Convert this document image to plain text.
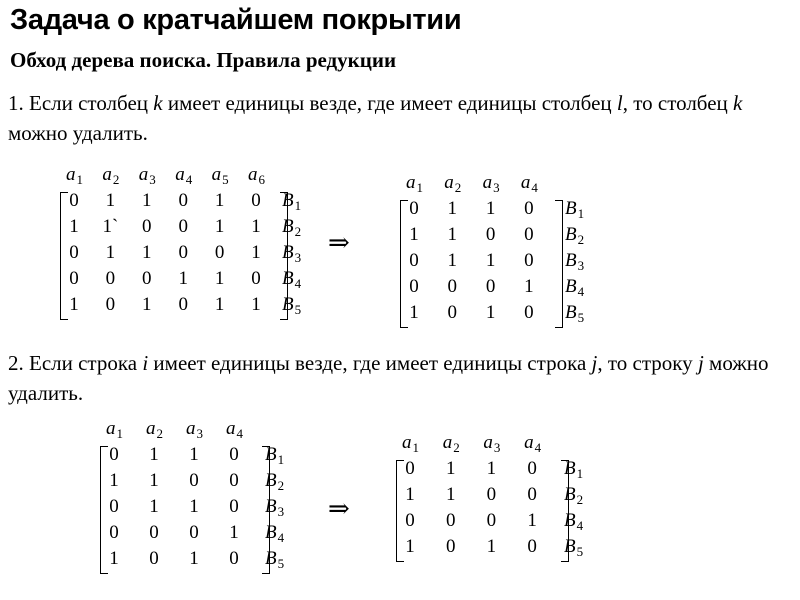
Задача о кратчайшем покрытии
Обход дерева поиска. Правила редукции
1. Если столбец k имеет единицы везде, где имеет единицы столбец l, то столбец k можно удалить.
2. Если строка i имеет единицы везде, где имеет единицы строка j, то строку j можно удалить.
$a_1$ $a_2$ $a_3$ $a_4$ $a_5$ $a_6$
0 1 1 0 1 0 $B_1$
1 1` 0 0 1 1 $B_2$
0 1 1 0 0 1 $B_3$
0 0 0 1 1 0 $B_4$
1 0 1 0 1 1 $B_5$
$a_1$ $a_2$ $a_3$ $a_4$
0 1 1 0 $B_1$
1 1 0 0 $B_2$
0 1 1 0 $B_3$
0 0 0 1 $B_4$
1 0 1 0 $B_5$
$a_1$ $a_2$ $a_3$ $a_4$
0 1 1 0 $B_1$
1 1 0 0 $B_2$
0 1 1 0 $B_3$
0 0 0 1 $B_4$
1 0 1 0 $B_5$
$a_1$ $a_2$ $a_3$ $a_4$
0 1 1 0 $B_1$
1 1 0 0 $B_2$
0 0 0 1 $B_4$
1 0 1 0 $B_5$
⇒
⇒
